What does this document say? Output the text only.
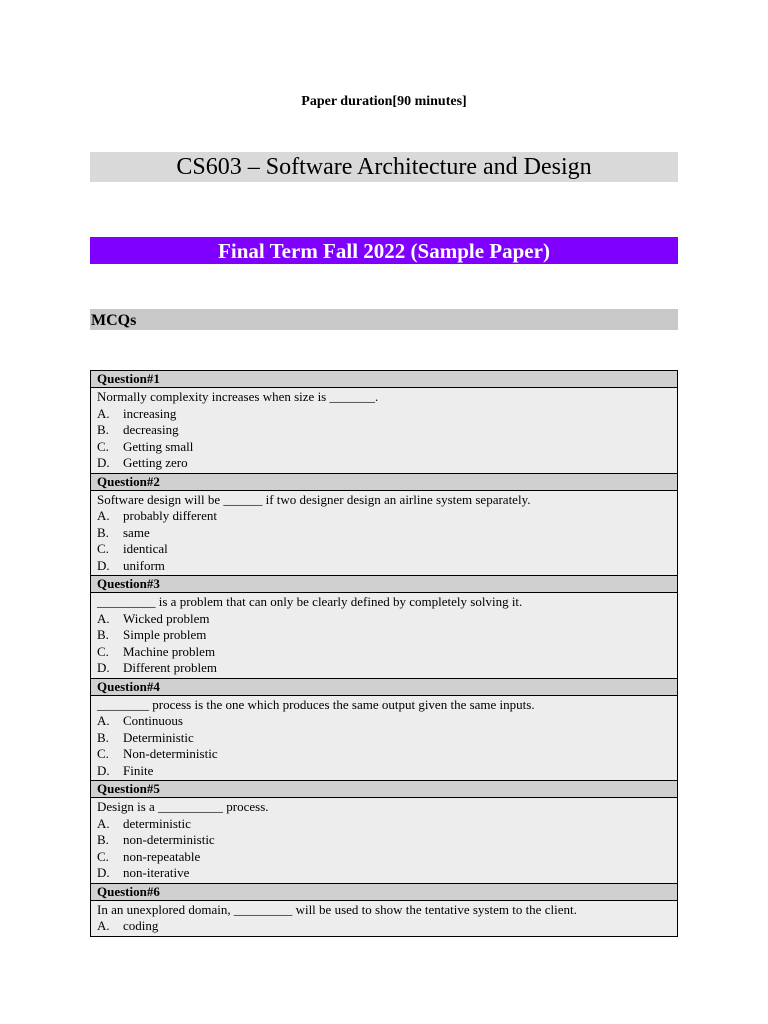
Paper duration[90 minutes]
CS603 – Software Architecture and Design
Final Term Fall 2022 (Sample Paper)
MCQs
Question#1

Normally complexity increases when size is _______.
A. increasing
B. decreasing
C. Getting small
D. Getting zero

Question#2

Software design will be ______ if two designer design an airline system separately.
A. probably different
B. same
C. identical
D. uniform

Question#3

_________ is a problem that can only be clearly defined by completely solving it.
A. Wicked problem
B. Simple problem
C. Machine problem
D. Different problem

Question#4

________ process is the one which produces the same output given the same inputs.
A. Continuous
B. Deterministic
C. Non-deterministic
D. Finite

Question#5

Design is a __________ process.
A. deterministic
B. non-deterministic
C. non-repeatable
D. non-iterative

Question#6

In an unexplored domain, _________ will be used to show the tentative system to the client.
A. coding
